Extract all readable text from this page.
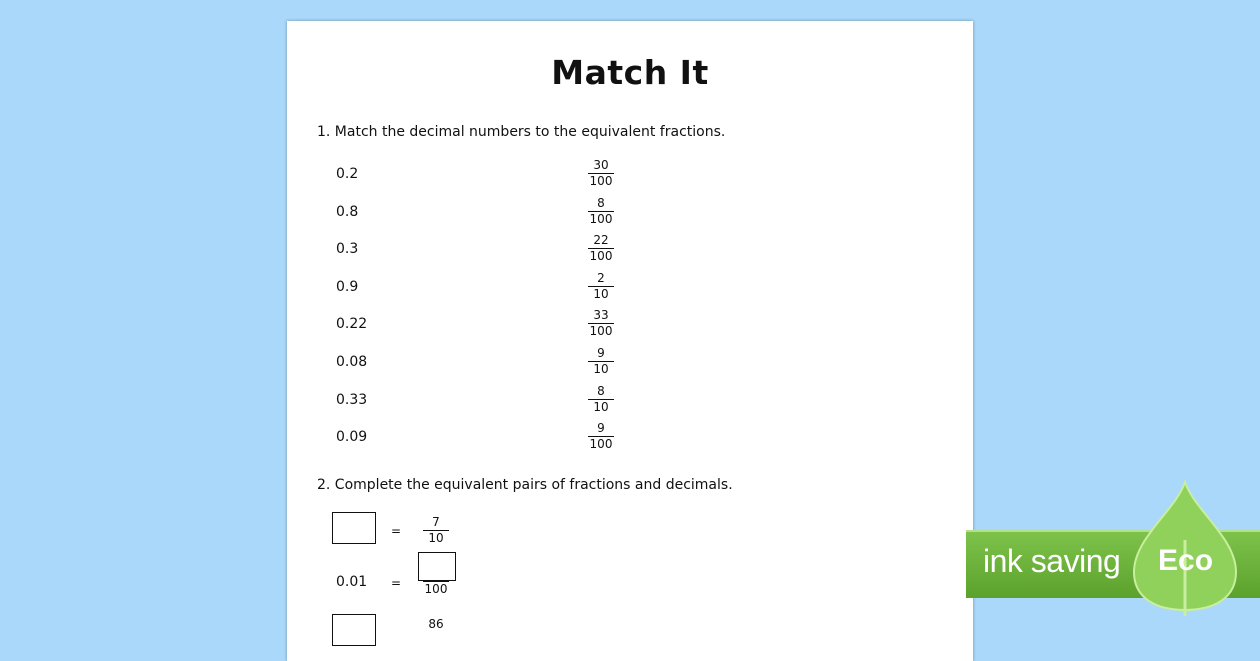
Match It
1. Match the decimal numbers to the equivalent fractions.
0.2
0.8
0.3
0.9
0.22
0.08
0.33
0.09
30
100
8
100
22
100
2
10
33
100
9
10
8
10
9
100
2. Complete the equivalent pairs of fractions and decimals.
=
7
10
0.01 =	100
86
ink saving Eco
